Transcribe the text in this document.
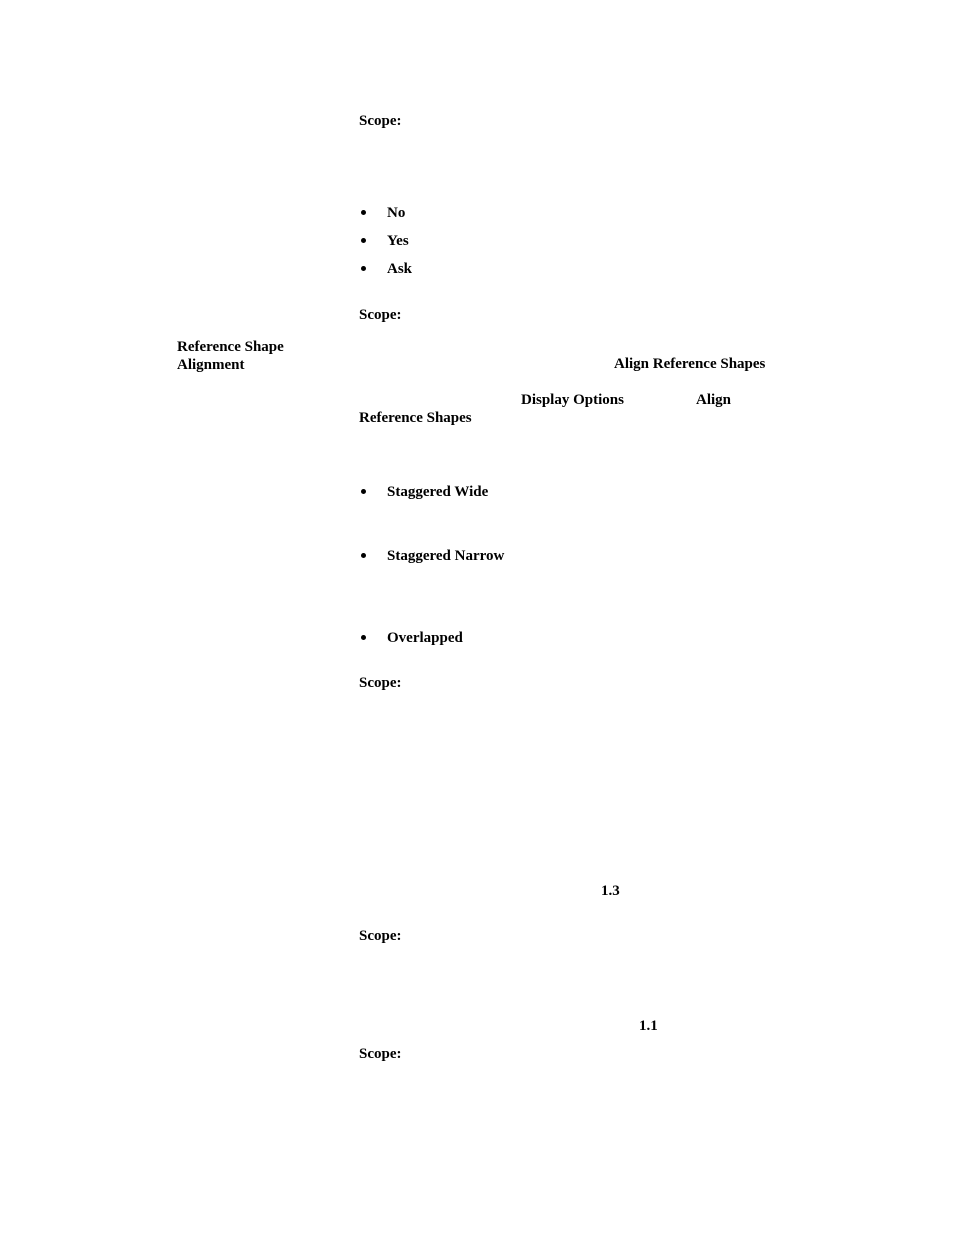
Scope:
No
Yes
Ask
Scope:
Reference Shape
Alignment	Align Reference Shapes
Display Options	Align
Reference Shapes
Staggered Wide
Staggered Narrow
Overlapped
Scope:
1.3
Scope:
1.1
Scope:
